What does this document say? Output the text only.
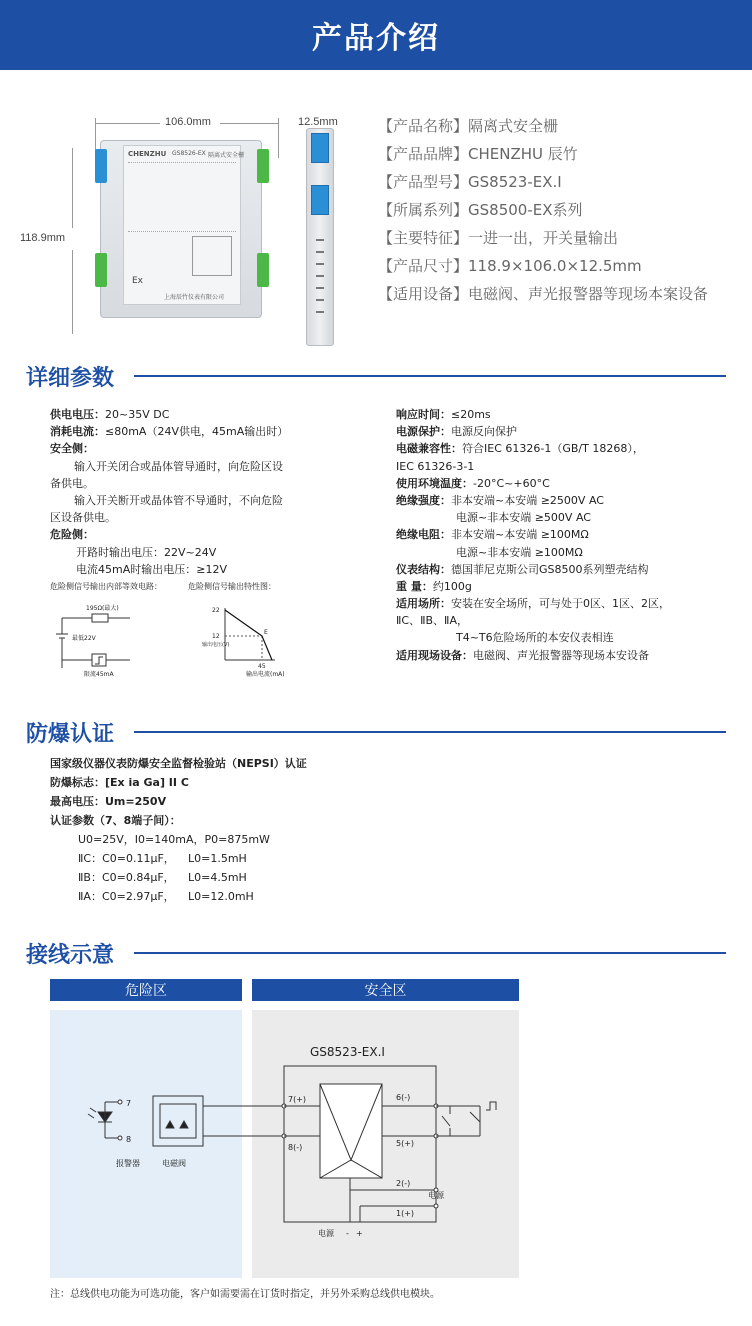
产品介绍
106.0mm
118.9mm
12.5mm
CHENZHU GS8526-EX 隔离式安全栅
Ex
上海辰竹仪表有限公司
【产品名称】隔离式安全栅
【产品品牌】CHENZHU 辰竹
【产品型号】GS8523-EX.I
【所属系列】GS8500-EX系列
【主要特征】一进一出，开关量输出
【产品尺寸】118.9×106.0×12.5mm
【适用设备】电磁阀、声光报警器等现场本案设备
详细参数
供电电压：20~35V DC
消耗电流：≤80mA（24V供电，45mA输出时）
安全侧：
输入开关闭合或晶体管导通时，向危险区设
备供电。
输入开关断开或晶体管不导通时，不向危险
区设备供电。
危险侧：
开路时输出电压：22V~24V
电流45mA时输出电压：≥12V
危险侧信号输出内部等效电路：	危险侧信号输出特性图：
195Ω(最大)
最低22V
限流45mA
22
12
E
45
输出电流(mA)
输出电压(V)
响应时间：≤20ms
电源保护：电源反向保护
电磁兼容性：符合IEC 61326-1（GB/T 18268），
IEC 61326-3-1
使用环境温度：-20°C~+60°C
绝缘强度：非本安端~本安端 ≥2500V AC
电源~非本安端 ≥500V AC
绝缘电阻：非本安端~本安端 ≥100MΩ
电源~非本安端 ≥100MΩ
仪表结构：德国菲尼克斯公司GS8500系列塑壳结构
重 量：约100g
适用场所：安装在安全场所，可与处于0区、1区、2区，
ⅡC、ⅡB、ⅡA，
T4~T6危险场所的本安仪表相连
适用现场设备：电磁阀、声光报警器等现场本安设备
防爆认证
国家级仪器仪表防爆安全监督检验站（NEPSI）认证
防爆标志：[Ex ia Ga] II C
最高电压：Um=250V
认证参数（7、8端子间）：
U0=25V，I0=140mA，P0=875mW
ⅡC：C0=0.11μF， L0=1.5mH
ⅡB：C0=0.84μF， L0=4.5mH
ⅡA：C0=2.97μF， L0=12.0mH
接线示意
危险区	安全区
GS8523-EX.I
7
8
报警器	电磁阀
7(+)
8(-)
6(-)
5(+)
2(-)
1(+)
电源
电源 - +
注：总线供电功能为可选功能，客户如需要需在订货时指定，并另外采购总线供电模块。
